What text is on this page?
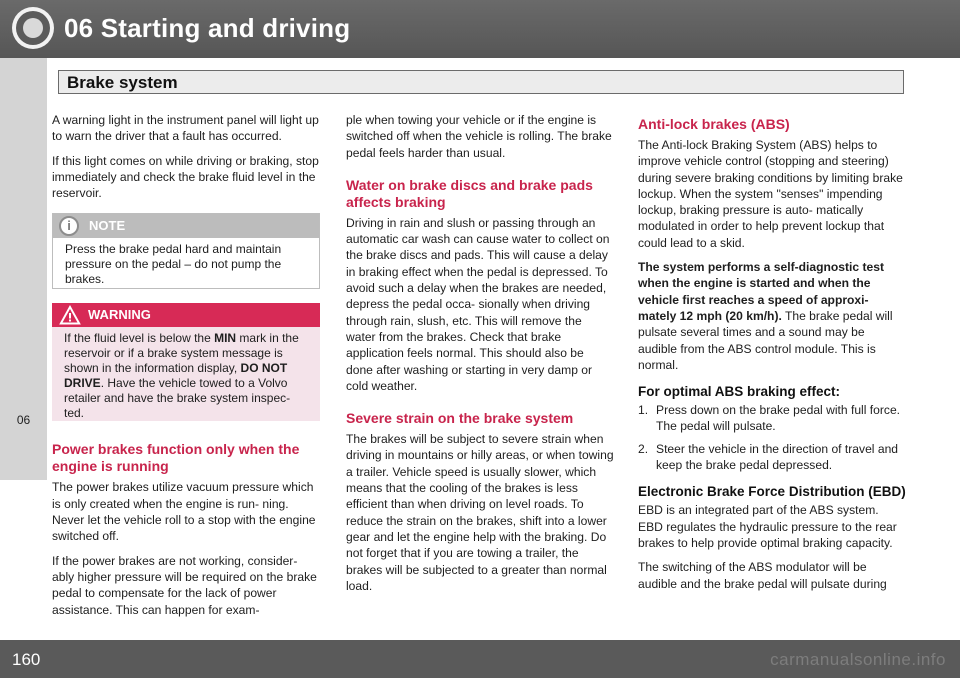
06 Starting and driving
Brake system
06

A warning light in the instrument panel will light up to warn the driver that a fault has occurred.

If this light comes on while driving or braking, stop immediately and check the brake fluid level in the reservoir.

i	NOTE
Press the brake pedal hard and maintain pressure on the pedal – do not pump the brakes.
WARNING
If the fluid level is below the MIN mark in the reservoir or if a brake system message is shown in the information display, DO NOT DRIVE. Have the vehicle towed to a Volvo retailer and have the brake system inspec- ted.
Power brakes function only when the engine is running

The power brakes utilize vacuum pressure which is only created when the engine is run- ning. Never let the vehicle roll to a stop with the engine switched off.

If the power brakes are not working, consider- ably higher pressure will be required on the brake pedal to compensate for the lack of power assistance. This can happen for exam-

ple when towing your vehicle or if the engine is switched off when the vehicle is rolling. The brake pedal feels harder than usual.

Water on brake discs and brake pads affects braking

Driving in rain and slush or passing through an automatic car wash can cause water to collect on the brake discs and pads. This will cause a delay in braking effect when the pedal is depressed. To avoid such a delay when the brakes are needed, depress the pedal occa- sionally when driving through rain, slush, etc. This will remove the water from the brakes. Check that brake application feels normal. This should also be done after washing or starting in very damp or cold weather.

Severe strain on the brake system

The brakes will be subject to severe strain when driving in mountains or hilly areas, or when towing a trailer. Vehicle speed is usually slower, which means that the cooling of the brakes is less efficient than when driving on level roads. To reduce the strain on the brakes, shift into a lower gear and let the engine help with the braking. Do not forget that if you are towing a trailer, the brakes will be subjected to a greater than normal load.

Anti-lock brakes (ABS)

The Anti-lock Braking System (ABS) helps to improve vehicle control (stopping and steering) during severe braking conditions by limiting brake lockup. When the system "senses" impending lockup, braking pressure is auto- matically modulated in order to help prevent lockup that could lead to a skid.

The system performs a self-diagnostic test when the engine is started and when the vehicle first reaches a speed of approxi- mately 12 mph (20 km/h). The brake pedal will pulsate several times and a sound may be audible from the ABS control module. This is normal.

For optimal ABS braking effect:
1. Press down on the brake pedal with full force. The pedal will pulsate.
2. Steer the vehicle in the direction of travel and keep the brake pedal depressed.
Electronic Brake Force Distribution (EBD)

EBD is an integrated part of the ABS system. EBD regulates the hydraulic pressure to the rear brakes to help provide optimal braking capacity.

The switching of the ABS modulator will be audible and the brake pedal will pulsate during

160	carmanualsonline.info
